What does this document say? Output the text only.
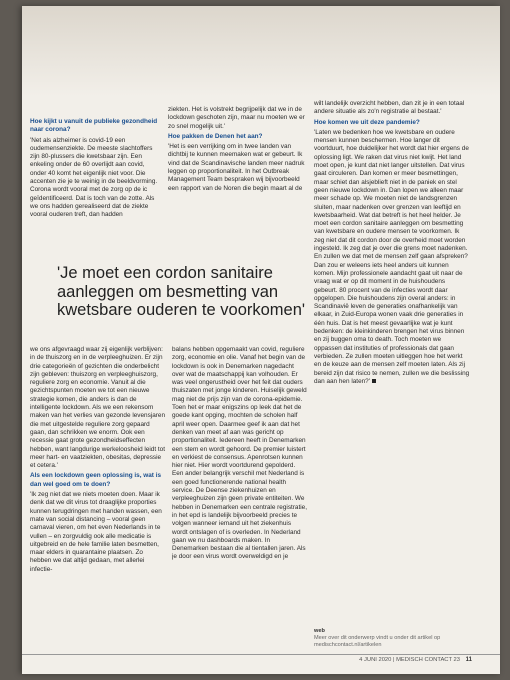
Hoe kijkt u vanuit de publieke gezondheid naar corona?

'Net als alzheimer is covid-19 een oudemensenziekte. De meeste slachtoffers zijn 80-plussers die kwetsbaar zijn. Een enkeling onder de 60 overlijdt aan covid, onder 40 komt het eigenlijk niet voor. Die accenten zie je te weinig in de beeldvorming. Corona wordt vooral met de zorg op de ic geïdentificeerd. Dat is toch van de zotte. Als we ons hadden gerealiseerd dat de ziekte vooral ouderen treft, dan hadden

ziekten. Het is volstrekt begrijpelijk dat we in de lockdown geschoten zijn, maar nu moeten we er zo snel mogelijk uit.'

Hoe pakken de Denen het aan?

'Het is een verrijking om in twee landen van dichtbij te kunnen meemaken wat er gebeurt. Ik vind dat de Scandinavische landen meer nadruk leggen op proportionaliteit. In het Outbreak Management Team bespraken wij bijvoorbeeld een rapport van de Noren die begin maart al de

wilt landelijk overzicht hebben, dan zit je in een totaal andere situatie als zo'n registratie al bestaat.'

Hoe komen we uit deze pandemie?

'Laten we bedenken hoe we kwetsbare en oudere mensen kunnen beschermen. Hoe langer dit voortduurt, hoe duidelijker het wordt dat hier ergens de oplossing ligt. We raken dat virus niet kwijt. Het land moet open, je kunt dat niet langer uitstellen. Dat virus gaat circuleren. Dan komen er meer besmettingen, maar schiet dan alsjeblieft niet in de paniek en stel geen nieuwe lockdown in. Dan lopen we alleen maar meer schade op. We moeten niet de landsgrenzen sluiten, maar nadenken over grenzen van leeftijd en kwetsbaarheid. Wat dat betreft is het heel helder. Je moet een cordon sanitaire aanleggen om besmetting van kwetsbare en oudere mensen te voorkomen. Ik zeg niet dat dit cordon door de overheid moet worden ingesteld. Ik zeg dat je over die grens moet nadenken. En zullen we dat met de mensen zelf gaan afspreken? Dan zou er weleens iets heel anders uit kunnen komen. Mijn professionele aandacht gaat uit naar de vraag wat er op dit moment in de huishoudens gebeurt. 80 procent van de infecties wordt daar opgelopen. Die huishoudens zijn overal anders: in Scandinavië leven de generaties onafhankelijk van elkaar, in Zuid-Europa wonen vaak drie generaties in één huis. Dat is het meest gevaarlijke wat je kunt bedenken: de kleinkinderen brengen het virus binnen en zij buggen oma to death. Toch moeten we oppassen dat instituties of professionals dat gaan verbieden. Ze zullen moeten uitleggen hoe het werkt en de keuze aan de mensen zelf moeten laten. Als zij bereid zijn dat risico te nemen, zullen we die beslissing dan aan hen laten?'

'Je moet een cordon sanitaire aanleggen om besmetting van kwetsbare ouderen te voorkomen'

we ons afgevraagd waar zij eigenlijk verblijven: in de thuiszorg en in de verpleeghuizen. Er zijn drie categorieën of gezichten die onderbelicht zijn gebleven: thuiszorg en verpleeghuiszorg, reguliere zorg en economie. Vanuit al die gezichtspunten moeten we tot een nieuwe strategie komen, die anders is dan de intelligente lockdown. Als we een rekensom maken van het verlies van gezonde levensjaren die met uitgestelde reguliere zorg gepaard gaan, dan schrikken we enorm. Ook een recessie gaat grote gezondheidseffecten hebben, want langdurige werkeloosheid leidt tot meer hart- en vaatziekten, obesitas, depressie et cetera.'

Als een lockdown geen oplossing is, wat is dan wel goed om te doen?

'Ik zeg niet dat we niets moeten doen. Maar ik denk dat we dit virus tot draaglijke proporties kunnen terugdringen met handen wassen, een mate van social distancing – vooral geen carnaval vieren, om het even Nederlands in te vullen – en zorgvuldig ook alle medicatie is uitgebreid en de hele familie laten besmetten, maar elders in quarantaine plaatsen. Zo hebben we dat altijd gedaan, met allerlei infectie-

balans hebben opgemaakt van covid, reguliere zorg, economie en olie. Vanaf het begin van de lockdown is ook in Denemarken nagedacht over wat de maatschappij kan volhouden. Er was veel ongerustheid over het feit dat ouders thuiszaten met jonge kinderen. Huiselijk geweld mag niet de prijs zijn van de corona-epidemie. Toen het er maar enigszins op leek dat het de goede kant opging, mochten de scholen half april weer open. Daarmee geef ik aan dat het denken van meet af aan was gericht op proportionaliteit. Iedereen heeft in Denemarken een stem en wordt gehoord. De premier luistert en verkiest de consensus. Apenrotsen kunnen hier niet. Hier wordt voortdurend gepolderd. Een ander belangrijk verschil met Nederland is een goed functionerende national health service. De Deense ziekenhuizen en verpleeghuizen zijn geen private entiteiten. We hebben in Denemarken een centrale registratie, in het epd is landelijk bijvoorbeeld precies te volgen wanneer iemand uit het ziekenhuis wordt ontslagen of is overleden. In Nederland gaan we nu dashboards maken. In Denemarken bestaan die al tientallen jaren. Als je door een virus wordt overweldigd en je

web
Meer over dit onderwerp vindt u onder dit artikel op medischcontact.nl/artikelen
4 JUNI 2020 | MEDISCH CONTACT 23 11
